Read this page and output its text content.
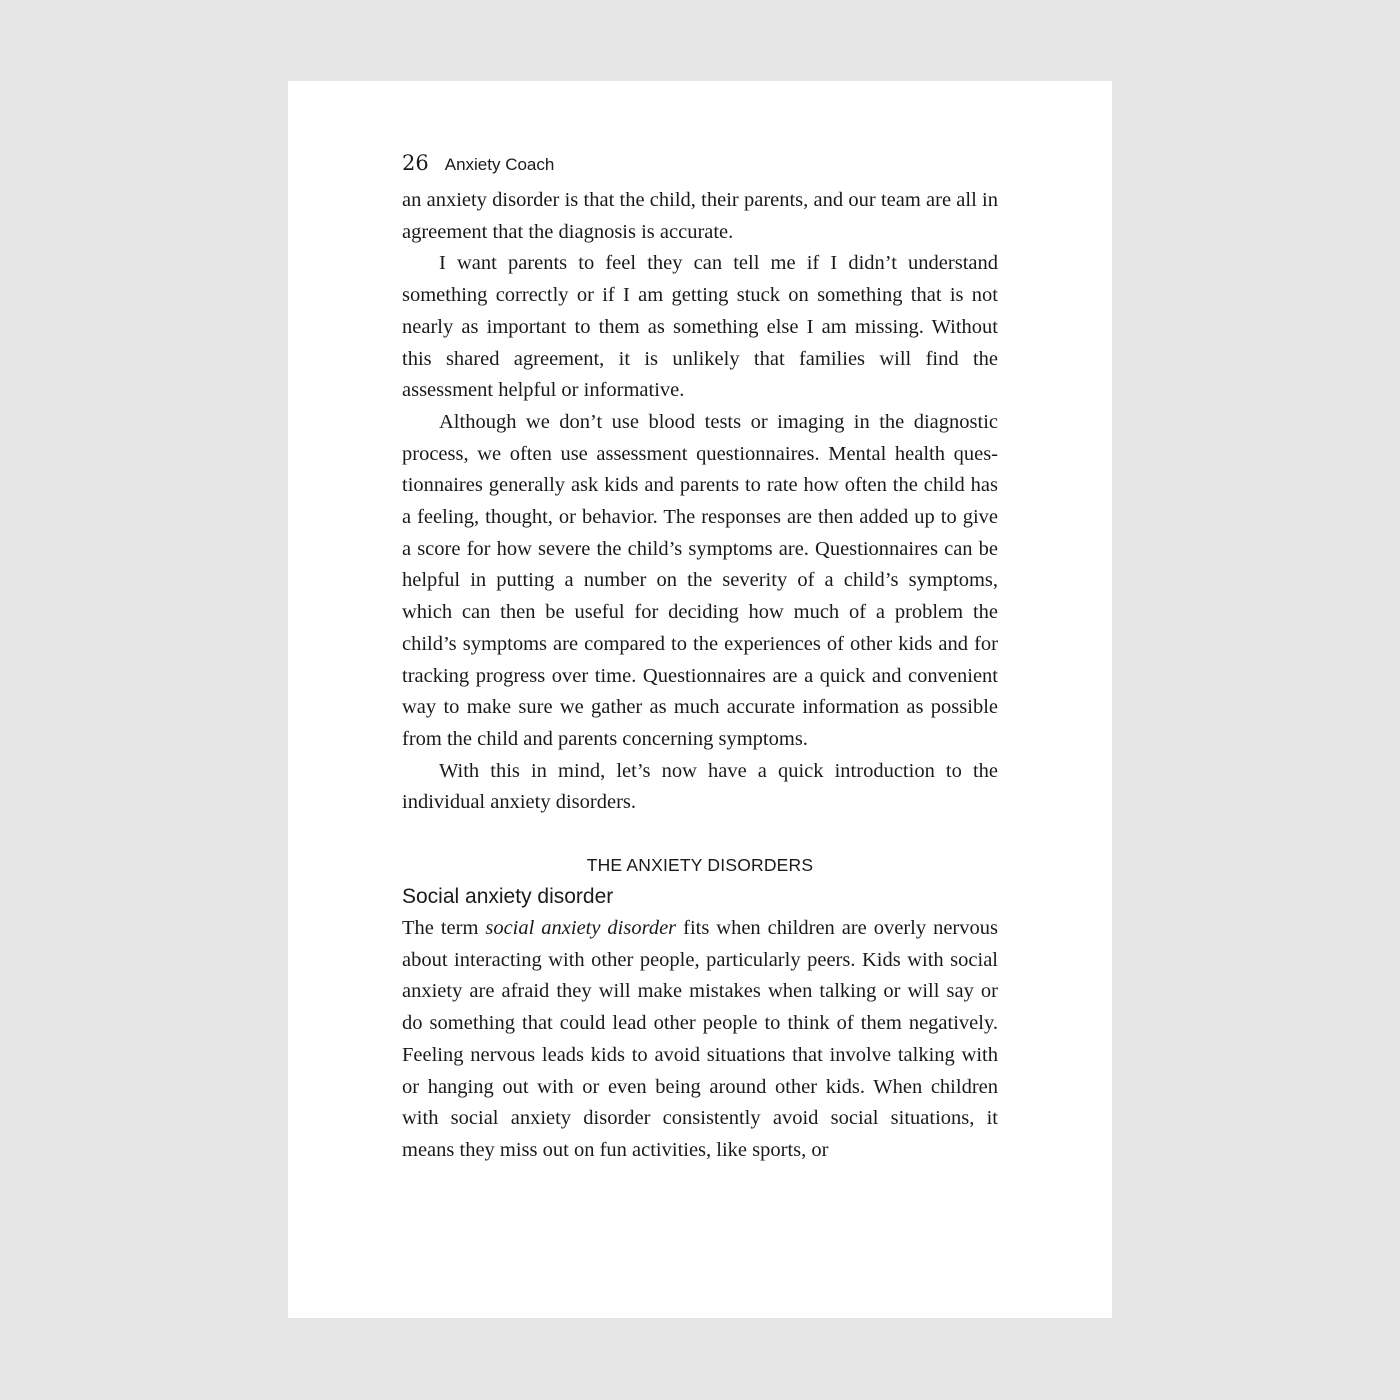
26 Anxiety Coach

an anxiety disorder is that the child, their parents, and our team are all in agreement that the diagnosis is accurate.

I want parents to feel they can tell me if I didn’t understand something correctly or if I am getting stuck on something that is not nearly as important to them as something else I am missing. Without this shared agreement, it is unlikely that families will find the assessment helpful or informative.

Although we don’t use blood tests or imaging in the diagnostic process, we often use assessment questionnaires. Mental health questionnaires generally ask kids and parents to rate how often the child has a feeling, thought, or behavior. The responses are then added up to give a score for how severe the child’s symptoms are. Questionnaires can be helpful in putting a number on the severity of a child’s symptoms, which can then be useful for deciding how much of a problem the child’s symptoms are compared to the experiences of other kids and for tracking progress over time. Questionnaires are a quick and convenient way to make sure we gather as much accurate information as possible from the child and parents concerning symptoms.

With this in mind, let’s now have a quick introduction to the individual anxiety disorders.

THE ANXIETY DISORDERS
Social anxiety disorder

The term social anxiety disorder fits when children are overly nervous about interacting with other people, particularly peers. Kids with social anxiety are afraid they will make mistakes when talking or will say or do something that could lead other people to think of them negatively. Feeling nervous leads kids to avoid situations that involve talking with or hanging out with or even being around other kids. When children with social anxiety disorder consistently avoid social situations, it means they miss out on fun activities, like sports, or
